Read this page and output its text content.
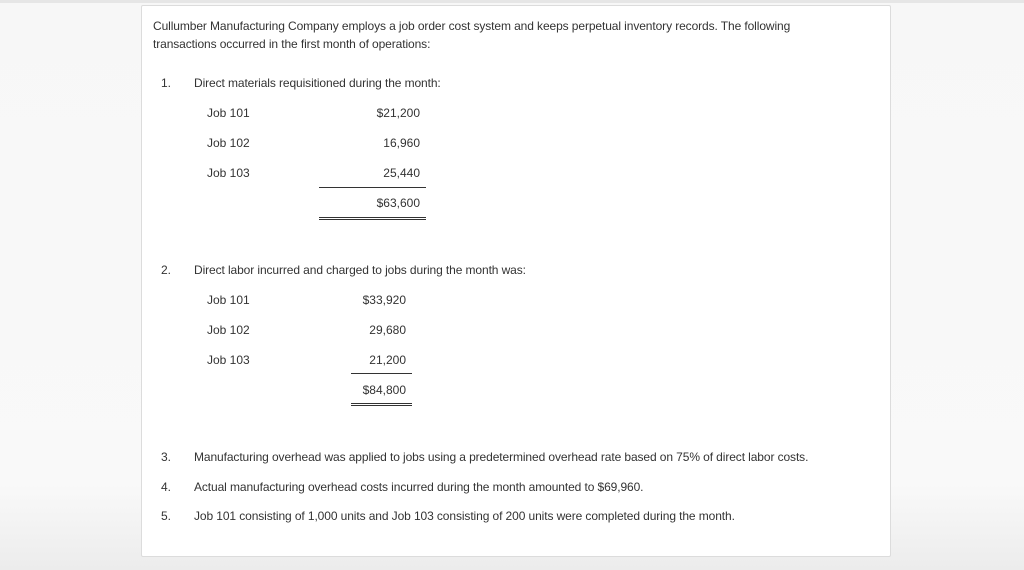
Cullumber Manufacturing Company employs a job order cost system and keeps perpetual inventory records. The following transactions occurred in the first month of operations:
1. Direct materials requisitioned during the month:
Job 101	$21,200
Job 102	16,960
Job 103	25,440
$63,600
2. Direct labor incurred and charged to jobs during the month was:
Job 101	$33,920
Job 102	29,680
Job 103	21,200
$84,800
3. Manufacturing overhead was applied to jobs using a predetermined overhead rate based on 75% of direct labor costs.
4. Actual manufacturing overhead costs incurred during the month amounted to $69,960.
5. Job 101 consisting of 1,000 units and Job 103 consisting of 200 units were completed during the month.
